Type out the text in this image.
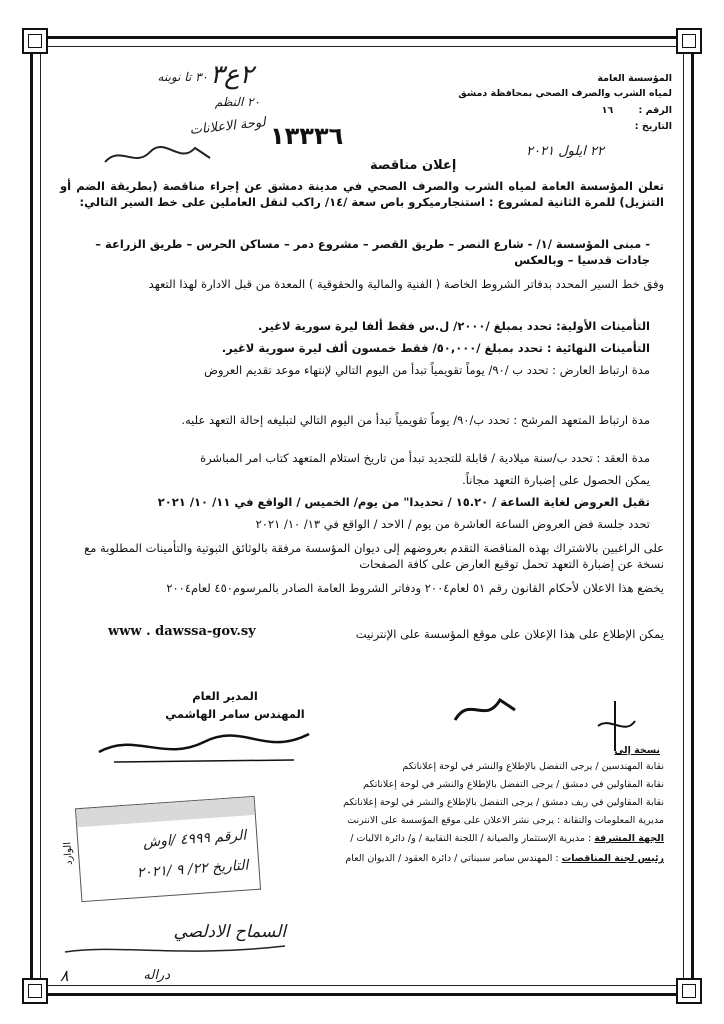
المؤسسة العامة
لمياه الشرب والصرف الصحي بمحافظة دمشق
الرقم : ١٦
التاريخ :
٢٢ ايلول ٢٠٢١
٣٠ تا نوبنه ٢ع٣
٢٠ النظم
لوحة الاعلانات ١٣٣٣٦
إعلان مناقصة
تعلن المؤسسة العامة لمياه الشرب والصرف الصحي في مدينة دمشق عن إجراء مناقصة (بطريقة الضم أو التنزيل) للمرة الثانية لمشروع : استنجارميكرو باص سعة /١٤/ راكب لنقل العاملين على خط السير التالي:
- مبنى المؤسسة /١/ - شارع النصر – طريق القصر – مشروع دمر – مساكن الحرس – طريق الزراعة – جادات قدسيا – وبالعكس
وفق خط السير المحدد بدفاتر الشروط الخاصة ( الفنية والمالية والحقوقية ) المعدة من قبل الادارة لهذا التعهد
التأمينات الأولية: تحدد بمبلغ /٢٠٠٠/ ل.س فقط ألفا ليرة سورية لاغير.
التأمينات النهائية : تحدد بمبلغ /٥٠,٠٠٠/ فقط خمسون ألف ليرة سورية لاغير.
مدة ارتباط العارض : تحدد ب /٩٠/ يوماً تقويمياً تبدأ من اليوم التالي لإنتهاء موعد تقديم العروض
مدة ارتباط المتعهد المرشح : تحدد ب/٩٠/ يوماً تقويمياً تبدأ من اليوم التالي لتبليغه إحالة التعهد عليه.
مدة العقد : تحدد ب/سنة ميلادية / قابلة للتجديد تبدأ من تاريخ استلام المتعهد كتاب امر المباشرة
يمكن الحصول على إضبارة التعهد مجاناً.
تقبل العروض لغاية الساعة / ١٥.٢٠ / تحديدا" من يوم/ الخميس / الواقع في ١١/ ١٠/ ٢٠٢١
تحدد جلسة فض العروض الساعة العاشرة من يوم / الاحد / الواقع في ١٣/ ١٠/ ٢٠٢١
على الراغبين بالاشتراك بهذه المناقصة التقدم بعروضهم إلى ديوان المؤسسة مرفقة بالوثائق الثبوتية والتأمينات المطلوبة مع نسخة عن إضبارة التعهد تحمل توقيع العارض على كافة الصفحات
يخضع هذا الاعلان لأحكام القانون رقم ٥١ لعام٢٠٠٤ ودفاتر الشروط العامة الصادر بالمرسوم٤٥٠ لعام٢٠٠٤
يمكن الإطلاع على هذا الإعلان على موقع المؤسسة على الإنترنيت
www . dawssa-gov.sy
المدير العام
المهندس سامر الهاشمي
نسخة إلى
نقابة المهندسين / يرجى التفضل بالإطلاع والنشر في لوحة إعلاناتكم
نقابة المقاولين في دمشق / يرجى التفضل بالإطلاع والنشر في لوحة إعلاناتكم
نقابة المقاولين في ريف دمشق / يرجى التفضل بالإطلاع والنشر في لوحة إعلاناتكم
مديرية المعلومات والتقانة : يرجى نشر الاعلان على موقع المؤسسة على الانترنت
الجهة المشرفة : مديرية الإستثمار والصيانة / اللجنة التقابية / و/ دائرة الاليات /
رئيس لجنة المناقصات : المهندس سامر سبيناتي / دائرة العقود / الديوان العام
الرقم ٤٩٩٩ /اوش
التاريخ ٢٢/ ٩ /٢٠٢١
الوارد
السماح الادلصي
٨	دراله
